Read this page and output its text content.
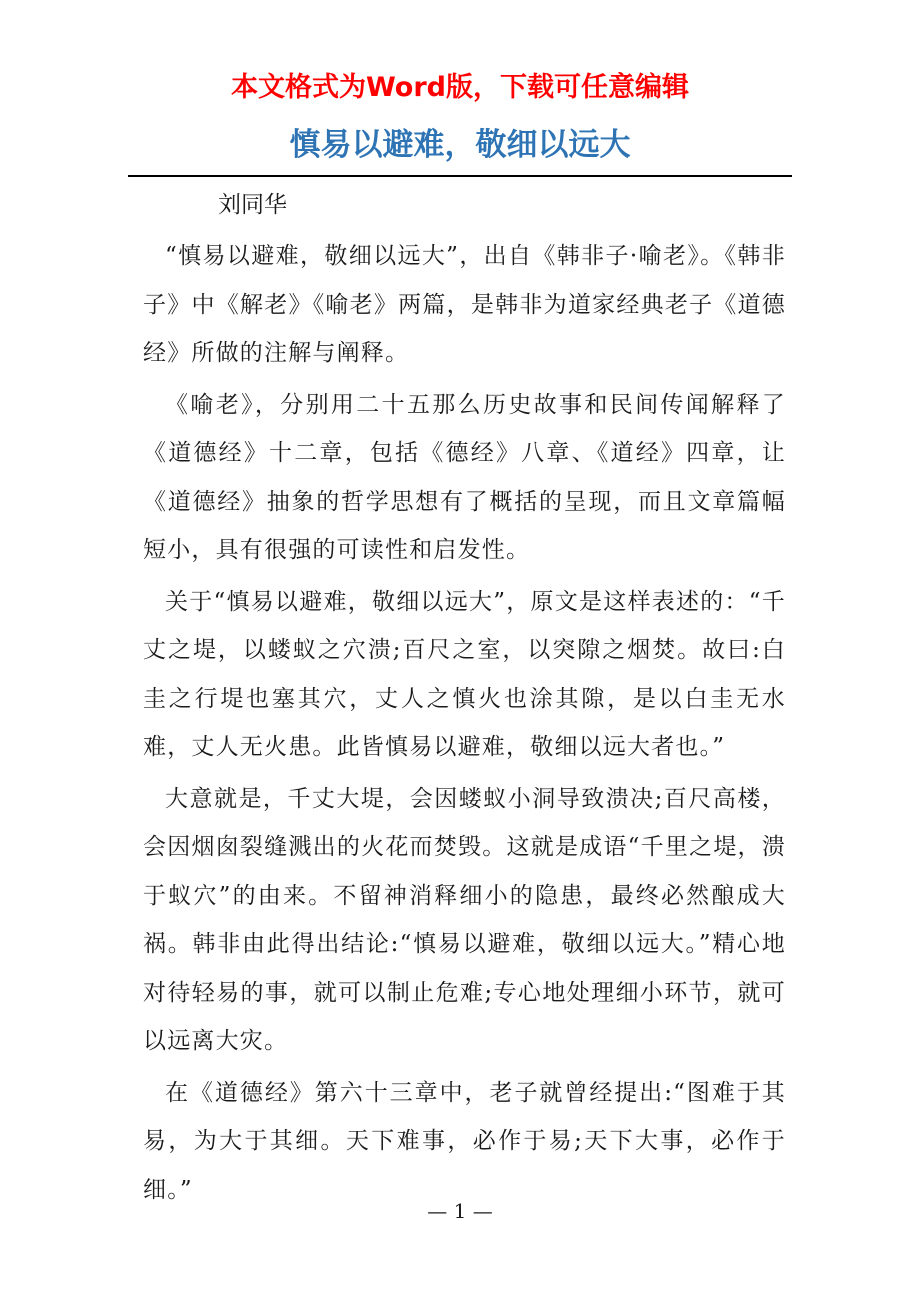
本文格式为Word版，下载可任意编辑
慎易以避难，敬细以远大
刘同华

“慎易以避难，敬细以远大”，出自《韩非子·喻老》。《韩非子》中《解老》《喻老》两篇，是韩非为道家经典老子《道德经》所做的注解与阐释。

《喻老》，分别用二十五那么历史故事和民间传闻解释了《道德经》十二章，包括《德经》八章、《道经》四章，让《道德经》抽象的哲学思想有了概括的呈现，而且文章篇幅短小，具有很强的可读性和启发性。

关于“慎易以避难，敬细以远大”，原文是这样表述的：“千丈之堤，以蝼蚁之穴溃;百尺之室，以突隙之烟焚。故曰:白圭之行堤也塞其穴，丈人之慎火也涂其隙，是以白圭无水难，丈人无火患。此皆慎易以避难，敬细以远大者也。”

大意就是，千丈大堤，会因蝼蚁小洞导致溃决;百尺高楼，会因烟囱裂缝溅出的火花而焚毁。这就是成语“千里之堤，溃于蚁穴”的由来。不留神消释细小的隐患，最终必然酿成大祸。韩非由此得出结论:“慎易以避难，敬细以远大。”精心地对待轻易的事，就可以制止危难;专心地处理细小环节，就可以远离大灾。

在《道德经》第六十三章中，老子就曾经提出:“图难于其易，为大于其细。天下难事，必作于易;天下大事，必作于细。”

— 1 —
